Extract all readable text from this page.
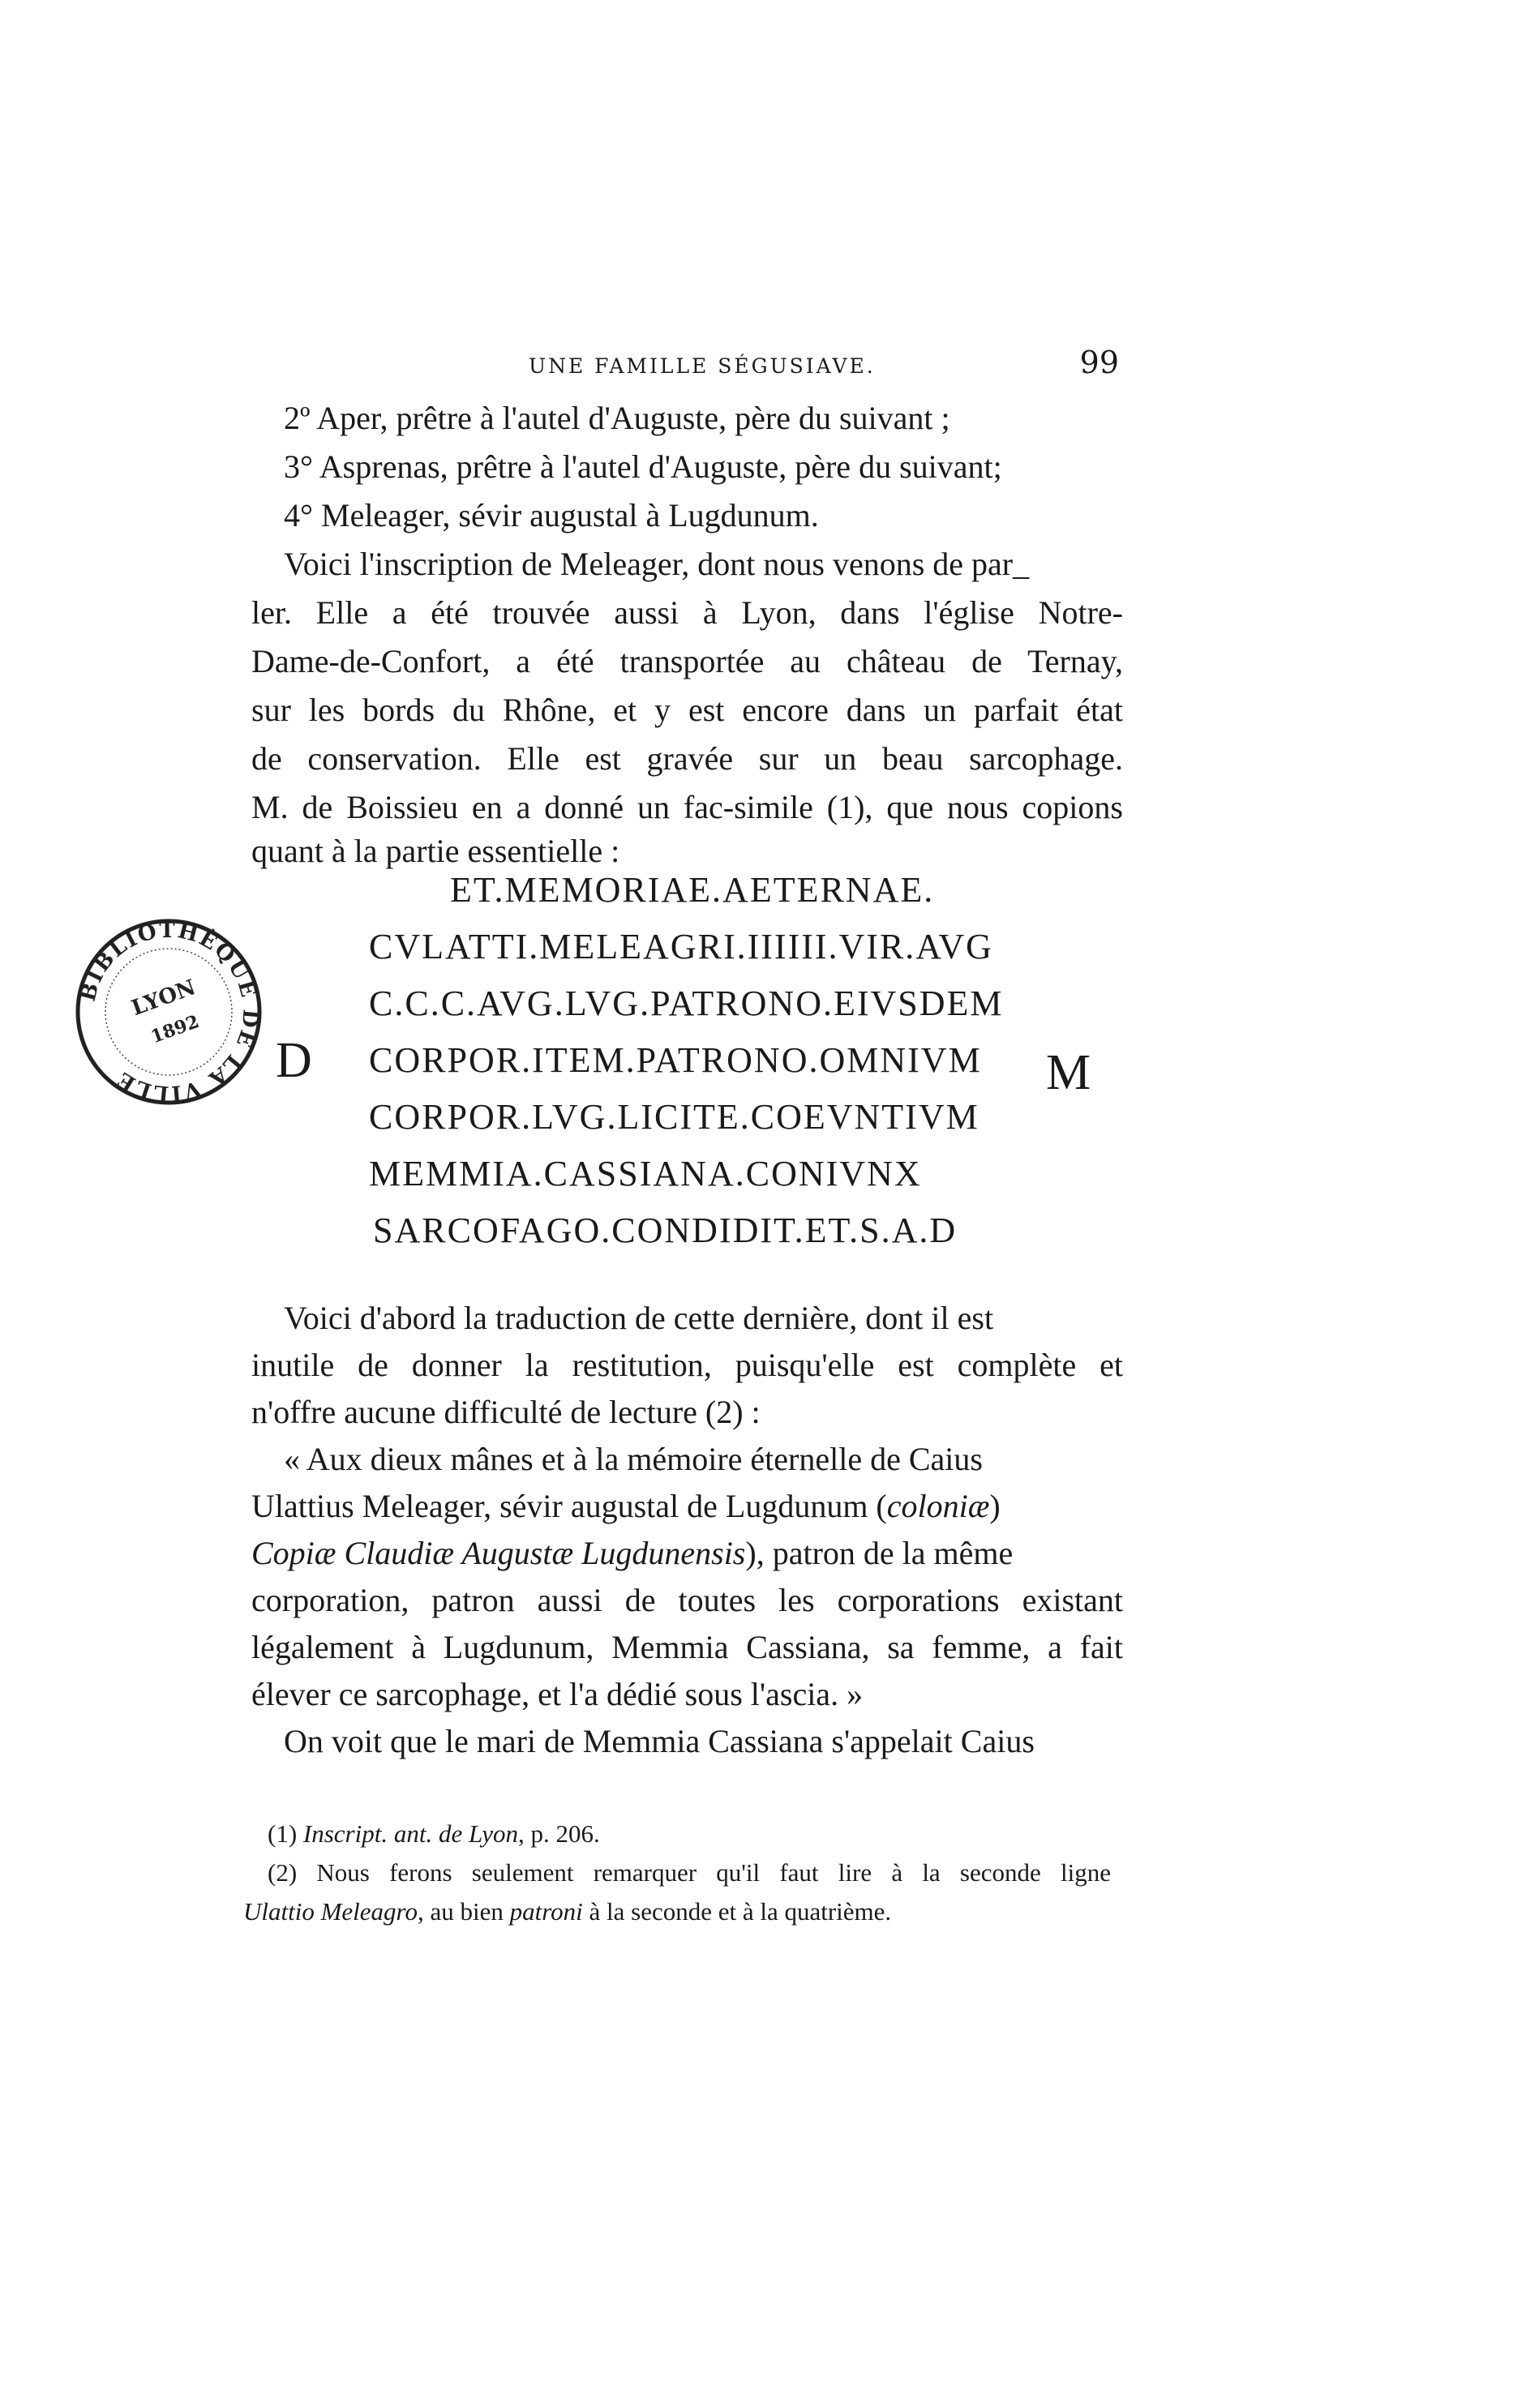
UNE FAMILLE SÉGUSIAVE.	99
2º Aper, prêtre à l'autel d'Auguste, père du suivant ;
3° Asprenas, prêtre à l'autel d'Auguste, père du suivant;
4° Meleager, sévir augustal à Lugdunum.
Voici l'inscription de Meleager, dont nous venons de par_
ler. Elle a été trouvée aussi à Lyon, dans l'église Notre-
Dame-de-Confort, a été transportée au château de Ternay,
sur les bords du Rhône, et y est encore dans un parfait état
de conservation. Elle est gravée sur un beau sarcophage.
M. de Boissieu en a donné un fac-simile (1), que nous copions
quant à la partie essentielle :
BIBLIOTHÈQUE DE LA VILLE
LYON
1892
D	M
ET.MEMORIAE.AETERNAE.
CVLATTI.MELEAGRI.IIIIII.VIR.AVG
C.C.C.AVG.LVG.PATRONO.EIVSDEM
CORPOR.ITEM.PATRONO.OMNIVM
CORPOR.LVG.LICITE.COEVNTIVM
MEMMIA.CASSIANA.CONIVNX
SARCOFAGO.CONDIDIT.ET.S.A.D
Voici d'abord la traduction de cette dernière, dont il est
inutile de donner la restitution, puisqu'elle est complète et
n'offre aucune difficulté de lecture (2) :
« Aux dieux mânes et à la mémoire éternelle de Caius
Ulattius Meleager, sévir augustal de Lugdunum (coloniæ)
Copiæ Claudiæ Augustæ Lugdunensis), patron de la même
corporation, patron aussi de toutes les corporations existant
légalement à Lugdunum, Memmia Cassiana, sa femme, a fait
élever ce sarcophage, et l'a dédié sous l'ascia. »
On voit que le mari de Memmia Cassiana s'appelait Caius
(1) Inscript. ant. de Lyon, p. 206.
(2) Nous ferons seulement remarquer qu'il faut lire à la seconde ligne
Ulattio Meleagro, au bien patroni à la seconde et à la quatrième.
